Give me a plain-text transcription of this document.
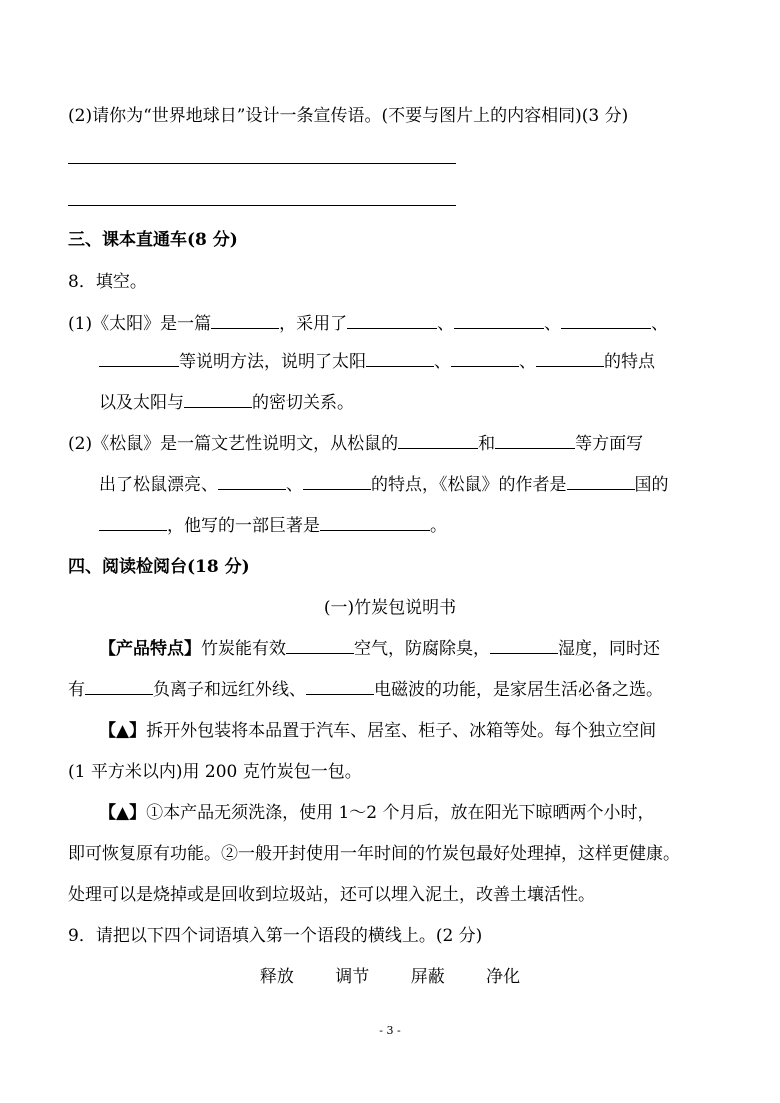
(2)请你为“世界地球日”设计一条宣传语。(不要与图片上的内容相同)(3 分)
三、课本直通车(8 分)
8．填空。
(1)《太阳》是一篇	，采用了	、	、	、
等说明方法，说明了太阳	、	、	的特点
以及太阳与	的密切关系。
(2)《松鼠》是一篇文艺性说明文，从松鼠的	和	等方面写
出了松鼠漂亮、	、	的特点，《松鼠》的作者是	国的
，他写的一部巨著是	。
四、阅读检阅台(18 分)
(一)竹炭包说明书
【产品特点】竹炭能有效	空气，防腐除臭，	湿度，同时还
有	负离子和远红外线、	电磁波的功能，是家居生活必备之选。
【▲】拆开外包装将本品置于汽车、居室、柜子、冰箱等处。每个独立空间
(1 平方米以内)用 200 克竹炭包一包。
【▲】①本产品无须洗涤，使用 1～2 个月后，放在阳光下晾晒两个小时，
即可恢复原有功能。②一般开封使用一年时间的竹炭包最好处理掉，这样更健康。
处理可以是烧掉或是回收到垃圾站，还可以埋入泥土，改善土壤活性。
9．请把以下四个词语填入第一个语段的横线上。(2 分)
释放 调节 屏蔽 净化
- 3 -
